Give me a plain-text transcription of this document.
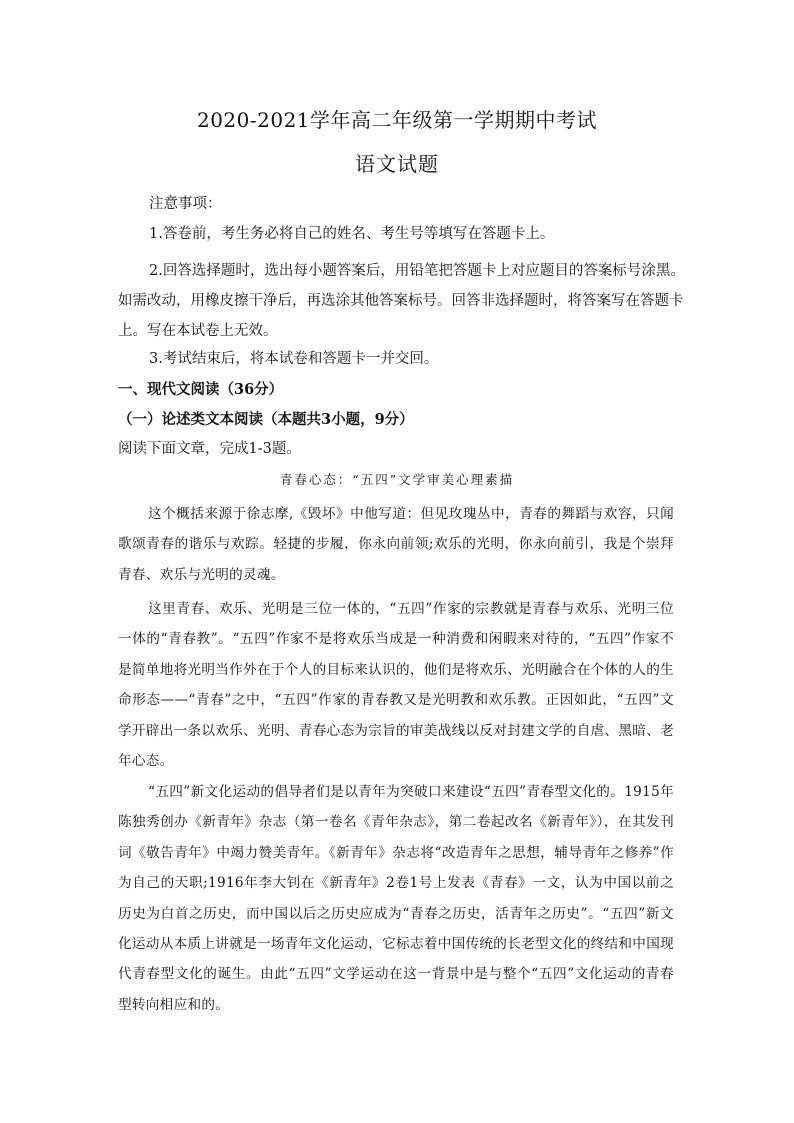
2020-2021学年高二年级第一学期期中考试
语文试题

注意事项：

1.答卷前，考生务必将自己的姓名、考生号等填写在答题卡上。

2.回答选择题时，选出每小题答案后，用铅笔把答题卡上对应题目的答案标号涂黑。如需改动，用橡皮擦干净后，再选涂其他答案标号。回答非选择题时，将答案写在答题卡上。写在本试卷上无效。

3.考试结束后，将本试卷和答题卡一并交回。

一、现代文阅读（36分）

（一）论述类文本阅读（本题共3小题，9分）

阅读下面文章，完成1-3题。

青春心态：“五四”文学审美心理素描

这个概括来源于徐志摩,《毁坏》中他写道：但见玫瑰丛中，青春的舞蹈与欢容，只闻歌颂青春的谐乐与欢踪。轻捷的步履，你永向前领;欢乐的光明，你永向前引，我是个崇拜青春、欢乐与光明的灵魂。

这里青春、欢乐、光明是三位一体的，“五四”作家的宗教就是青春与欢乐、光明三位一体的“青春教”。“五四”作家不是将欢乐当成是一种消费和闲暇来对待的，“五四”作家不是简单地将光明当作外在于个人的目标来认识的，他们是将欢乐、光明融合在个体的人的生命形态——“青春”之中，“五四”作家的青春教又是光明教和欢乐教。正因如此，“五四”文学开辟出一条以欢乐、光明、青春心态为宗旨的审美战线以反对封建文学的自虐、黑暗、老年心态。

“五四”新文化运动的倡导者们是以青年为突破口来建设“五四”青春型文化的。1915年陈独秀创办《新青年》杂志（第一卷名《青年杂志》，第二卷起改名《新青年》），在其发刊词《敬告青年》中竭力赞美青年。《新青年》杂志将“改造青年之思想，辅导青年之修养”作为自己的天职;1916年李大钊在《新青年》2卷1号上发表《青春》一文，认为中国以前之历史为白首之历史，而中国以后之历史应成为“青春之历史，活青年之历史”。“五四”新文化运动从本质上讲就是一场青年文化运动，它标志着中国传统的长老型文化的终结和中国现代青春型文化的诞生。由此“五四”文学运动在这一背景中是与整个“五四”文化运动的青春型转向相应和的。
